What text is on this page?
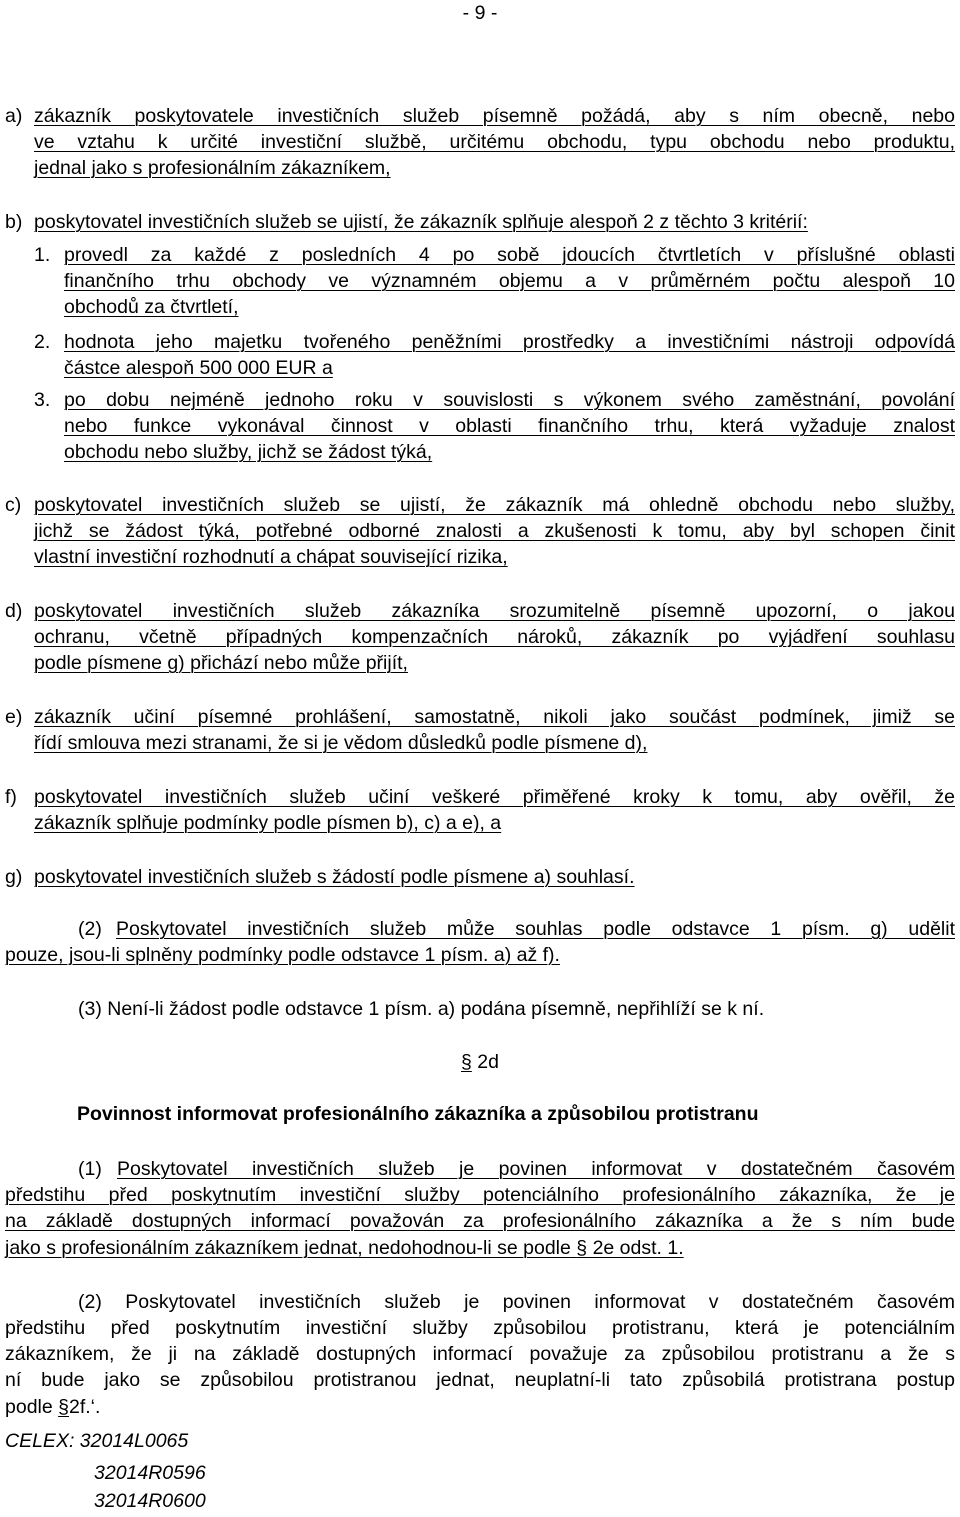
- 9 -
a) zákazník poskytovatele investičních služeb písemně požádá, aby s ním obecně, nebo
ve vztahu k určité investiční službě, určitému obchodu, typu obchodu nebo produktu,
jednal jako s profesionálním zákazníkem,
b) poskytovatel investičních služeb se ujistí, že zákazník splňuje alespoň 2 z těchto 3 kritérií:
1. provedl za každé z posledních 4 po sobě jdoucích čtvrtletích v příslušné oblasti
finančního trhu obchody ve významném objemu a v průměrném počtu alespoň 10
obchodů za čtvrtletí,
2. hodnota jeho majetku tvořeného peněžními prostředky a investičními nástroji odpovídá
částce alespoň 500 000 EUR a
3. po dobu nejméně jednoho roku v souvislosti s výkonem svého zaměstnání, povolání
nebo funkce vykonával činnost v oblasti finančního trhu, která vyžaduje znalost
obchodu nebo služby, jichž se žádost týká,
c) poskytovatel investičních služeb se ujistí, že zákazník má ohledně obchodu nebo služby,
jichž se žádost týká, potřebné odborné znalosti a zkušenosti k tomu, aby byl schopen činit
vlastní investiční rozhodnutí a chápat související rizika,
d) poskytovatel investičních služeb zákazníka srozumitelně písemně upozorní, o jakou
ochranu, včetně případných kompenzačních nároků, zákazník po vyjádření souhlasu
podle písmene g) přichází nebo může přijít,
e) zákazník učiní písemné prohlášení, samostatně, nikoli jako součást podmínek, jimiž se
řídí smlouva mezi stranami, že si je vědom důsledků podle písmene d),
f) poskytovatel investičních služeb učiní veškeré přiměřené kroky k tomu, aby ověřil, že
zákazník splňuje podmínky podle písmen b), c) a e), a
g) poskytovatel investičních služeb s žádostí podle písmene a) souhlasí.
(2) Poskytovatel investičních služeb může souhlas podle odstavce 1 písm. g) udělit
pouze, jsou-li splněny podmínky podle odstavce 1 písm. a) až f).
(3) Není-li žádost podle odstavce 1 písm. a) podána písemně, nepřihlíží se k ní.
§ 2d
Povinnost informovat profesionálního zákazníka a způsobilou protistranu
(1) Poskytovatel investičních služeb je povinen informovat v dostatečném časovém
předstihu před poskytnutím investiční služby potenciálního profesionálního zákazníka, že je
na základě dostupných informací považován za profesionálního zákazníka a že s ním bude
jako s profesionálním zákazníkem jednat, nedohodnou-li se podle § 2e odst. 1.
(2) Poskytovatel investičních služeb je povinen informovat v dostatečném časovém
předstihu před poskytnutím investiční služby způsobilou protistranu, která je potenciálním
zákazníkem, že ji na základě dostupných informací považuje za způsobilou protistranu a že s
ní bude jako se způsobilou protistranou jednat, neuplatní-li tato způsobilá protistrana postup
podle §2f.‘.
CELEX: 32014L0065
32014R0596
32014R0600
